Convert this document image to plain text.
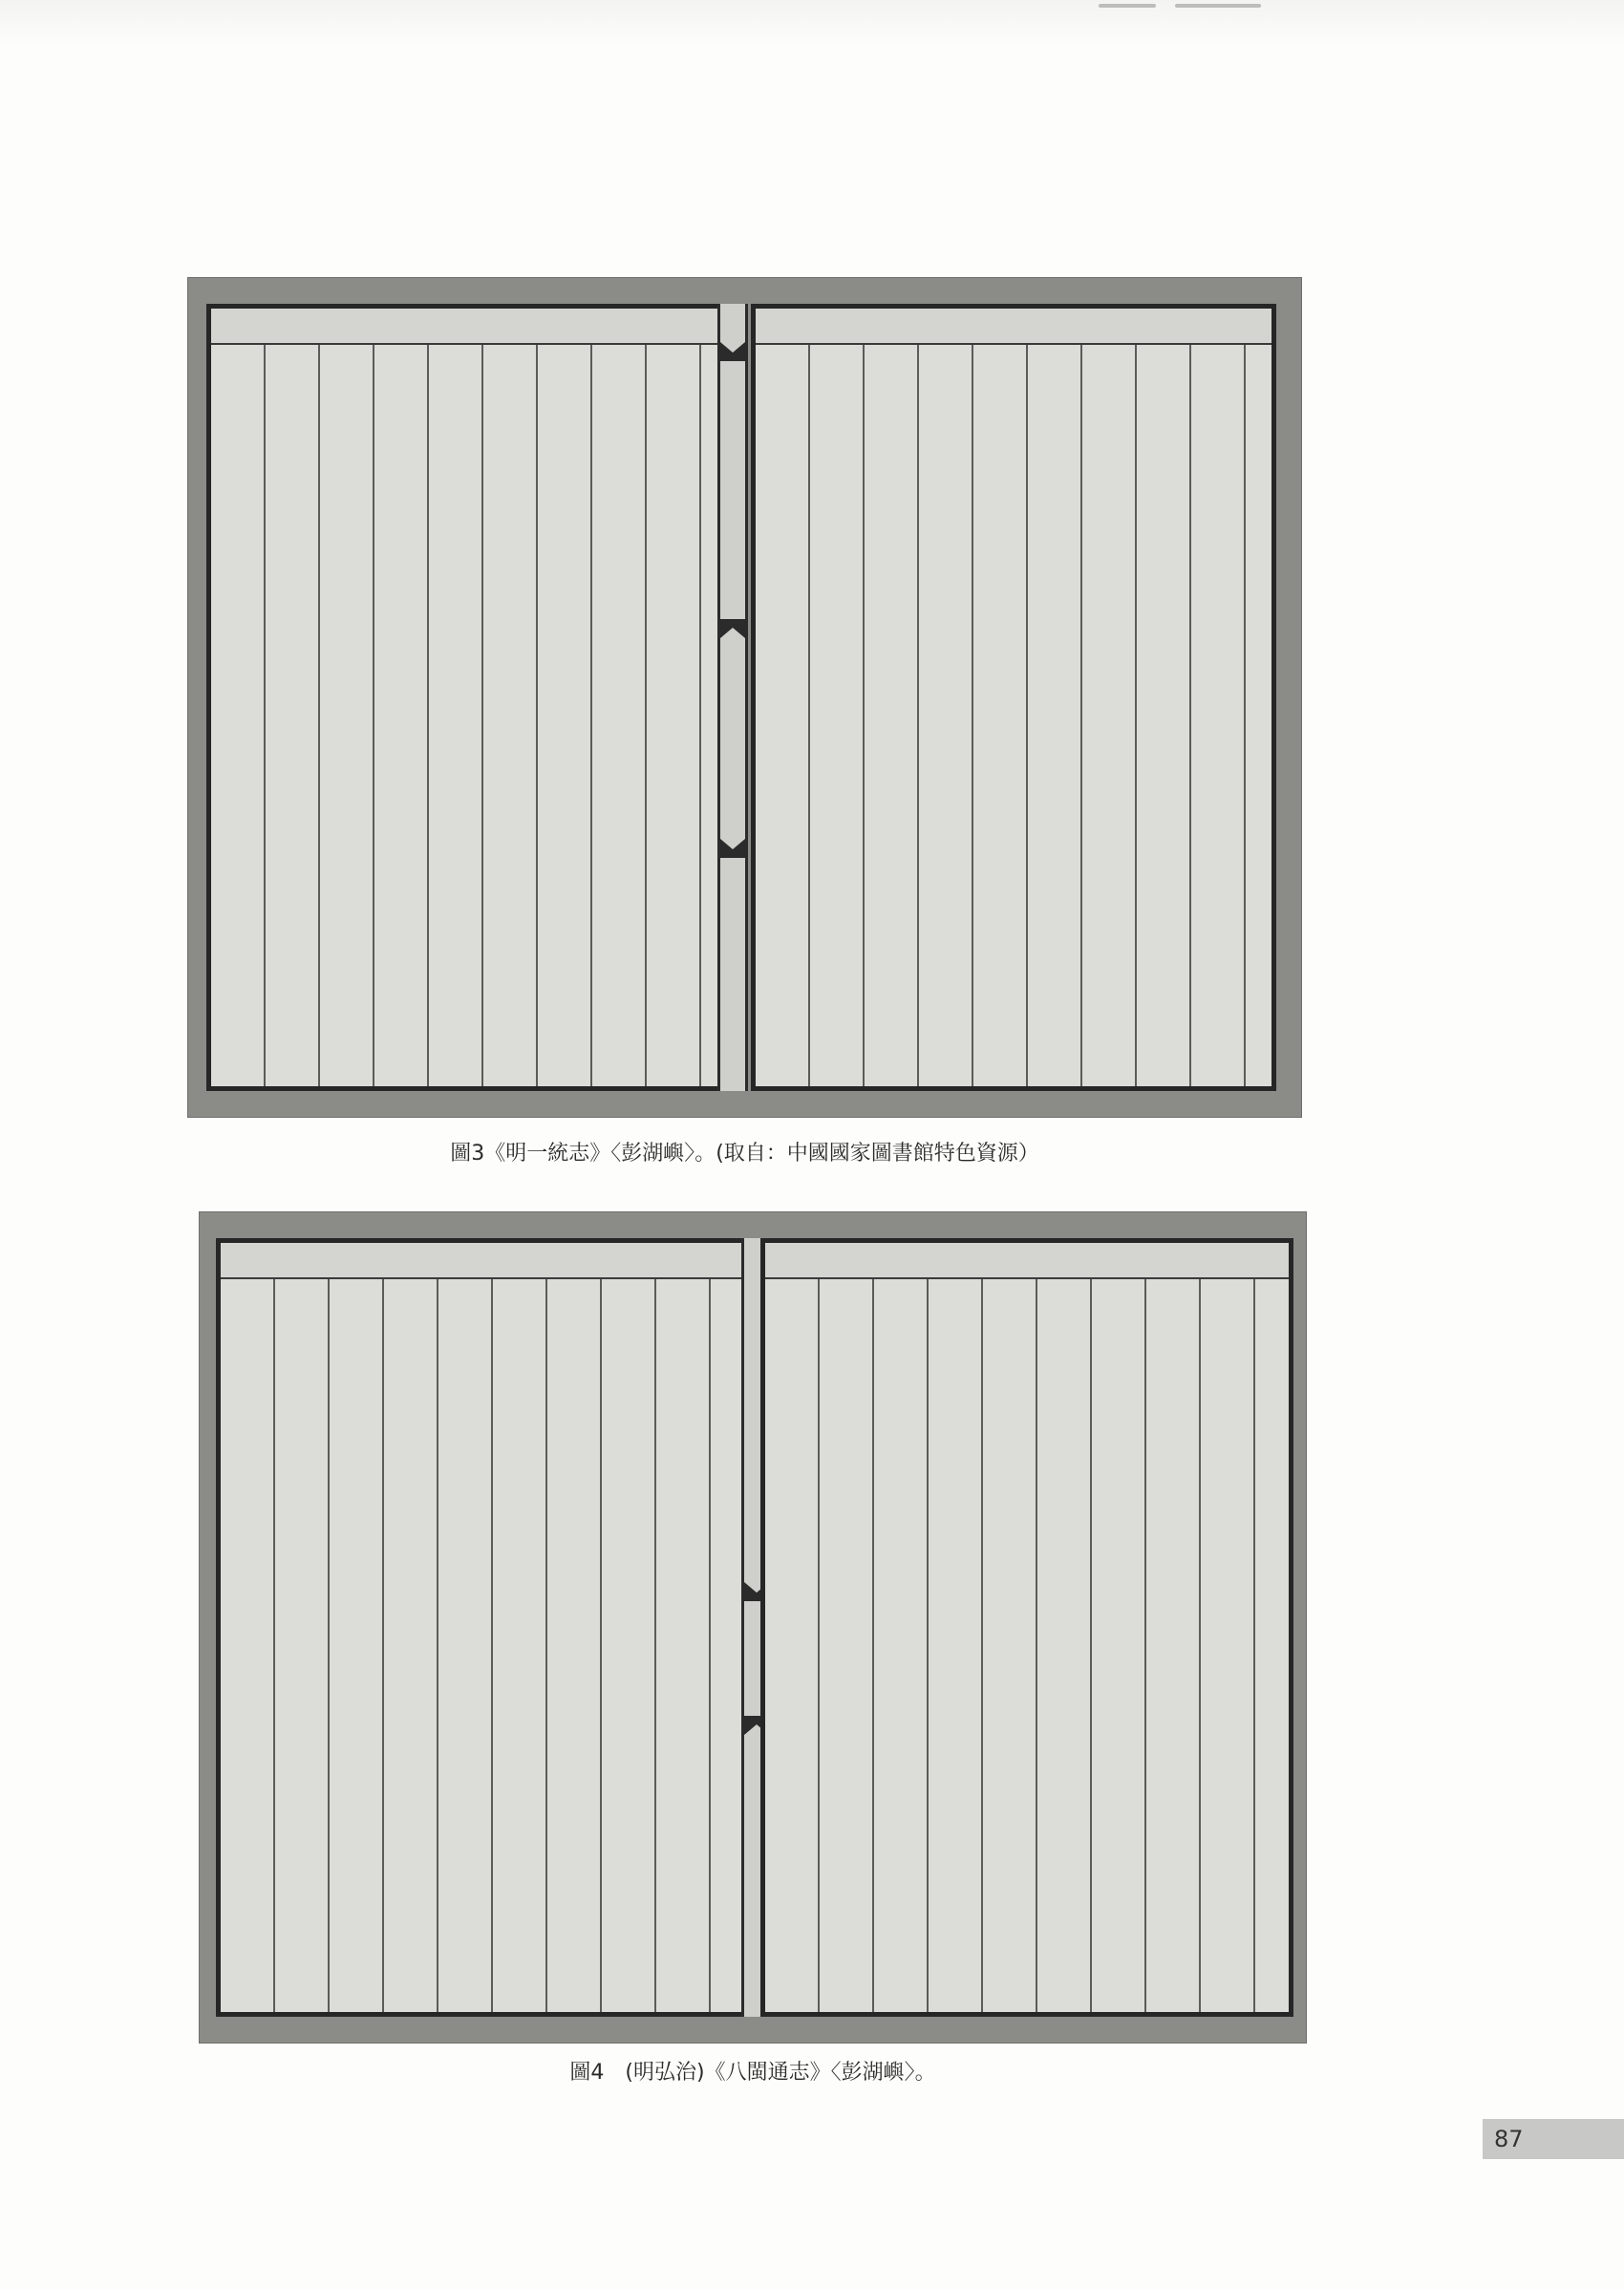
圖3《明一統志》〈彭湖嶼〉。(取自：中國國家圖書館特色資源）
圖4　(明弘治)《八閩通志》〈彭湖嶼〉。
87
